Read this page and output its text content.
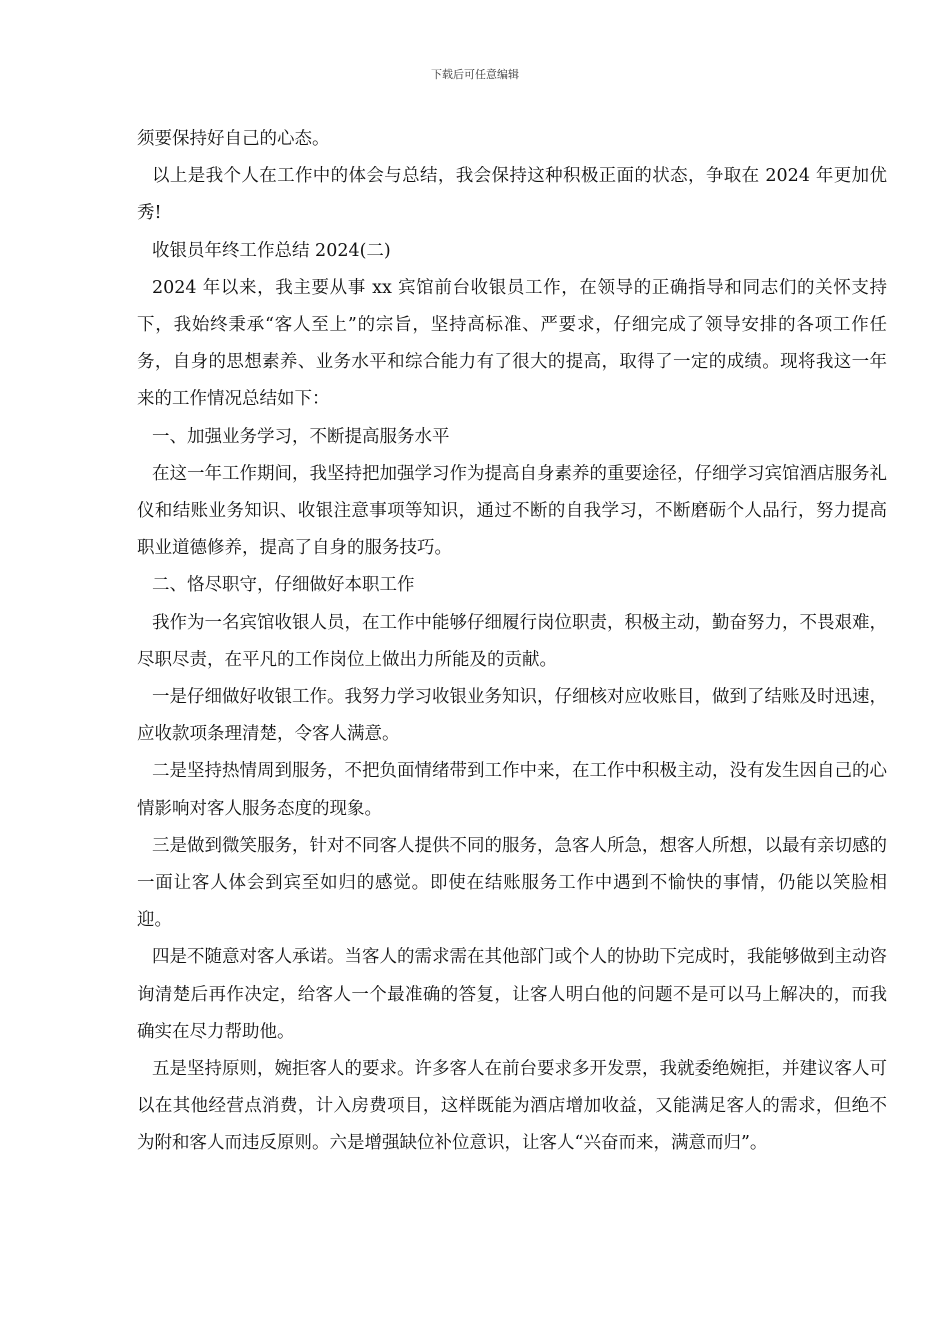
下载后可任意编辑

须要保持好自己的心态。

以上是我个人在工作中的体会与总结，我会保持这种积极正面的状态，争取在 2024 年更加优秀!

收银员年终工作总结 2024(二)

2024 年以来，我主要从事 xx 宾馆前台收银员工作，在领导的正确指导和同志们的关怀支持下，我始终秉承“客人至上”的宗旨，坚持高标准、严要求，仔细完成了领导安排的各项工作任务，自身的思想素养、业务水平和综合能力有了很大的提高，取得了一定的成绩。现将我这一年来的工作情况总结如下：

一、加强业务学习，不断提高服务水平

在这一年工作期间，我坚持把加强学习作为提高自身素养的重要途径，仔细学习宾馆酒店服务礼仪和结账业务知识、收银注意事项等知识，通过不断的自我学习，不断磨砺个人品行，努力提高职业道德修养，提高了自身的服务技巧。

二、恪尽职守，仔细做好本职工作

我作为一名宾馆收银人员，在工作中能够仔细履行岗位职责，积极主动，勤奋努力，不畏艰难，尽职尽责，在平凡的工作岗位上做出力所能及的贡献。

一是仔细做好收银工作。我努力学习收银业务知识，仔细核对应收账目，做到了结账及时迅速，应收款项条理清楚，令客人满意。

二是坚持热情周到服务，不把负面情绪带到工作中来，在工作中积极主动，没有发生因自己的心情影响对客人服务态度的现象。

三是做到微笑服务，针对不同客人提供不同的服务，急客人所急，想客人所想，以最有亲切感的一面让客人体会到宾至如归的感觉。即使在结账服务工作中遇到不愉快的事情，仍能以笑脸相迎。

四是不随意对客人承诺。当客人的需求需在其他部门或个人的协助下完成时，我能够做到主动咨询清楚后再作决定，给客人一个最准确的答复，让客人明白他的问题不是可以马上解决的，而我确实在尽力帮助他。

五是坚持原则，婉拒客人的要求。许多客人在前台要求多开发票，我就委绝婉拒，并建议客人可以在其他经营点消费，计入房费项目，这样既能为酒店增加收益，又能满足客人的需求，但绝不为附和客人而违反原则。六是增强缺位补位意识，让客人“兴奋而来，满意而归”。
